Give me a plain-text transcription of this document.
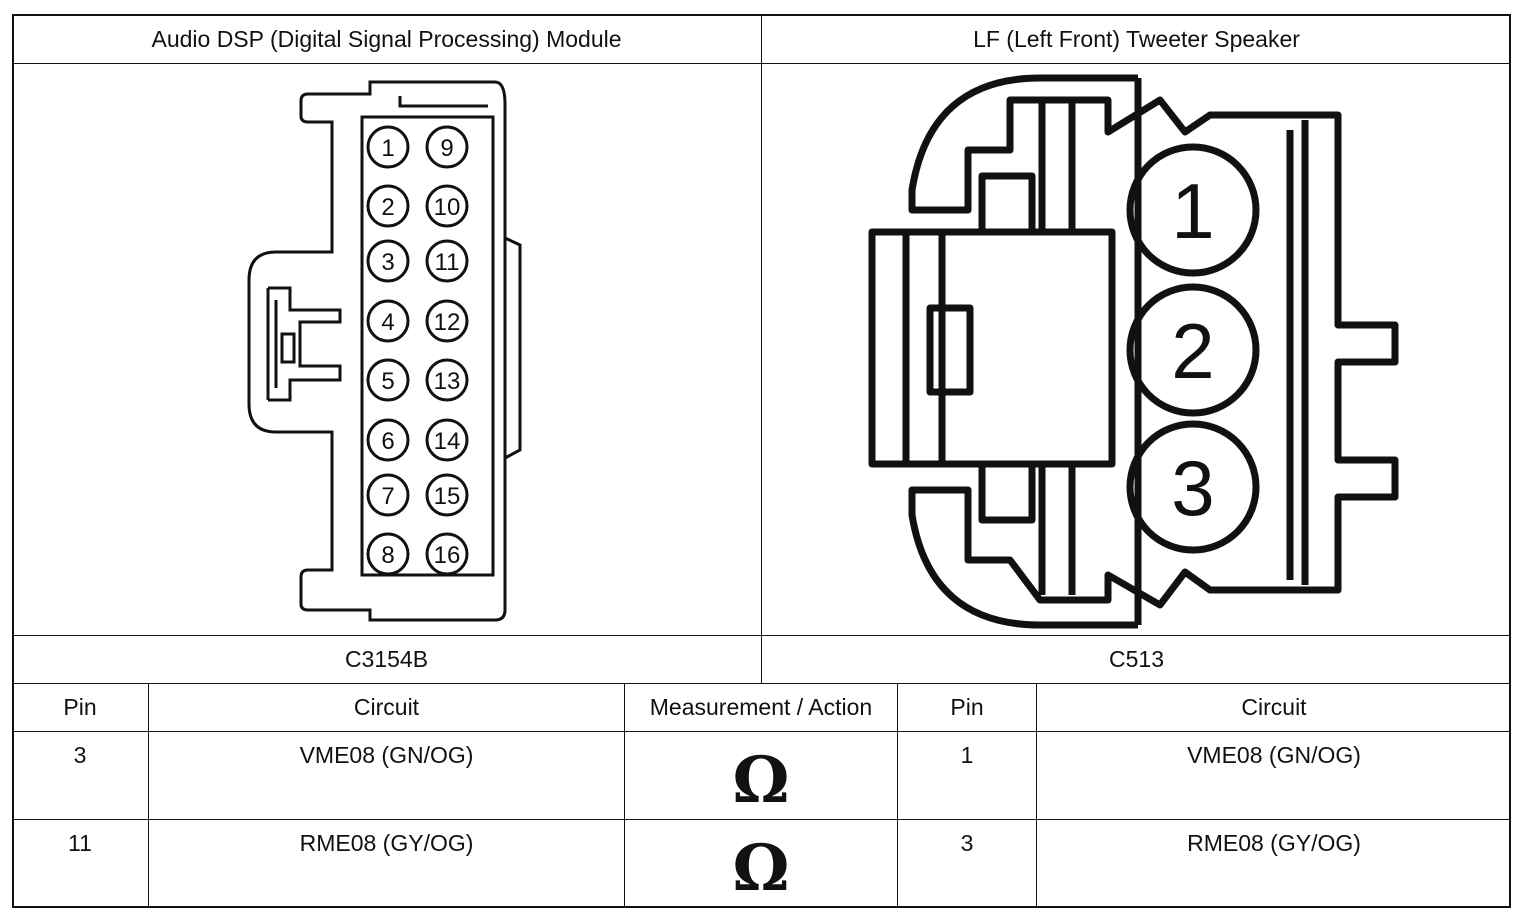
Audio DSP (Digital Signal Processing) Module	LF (Left Front) Tweeter Speaker
1
2
3
4
5
6
7
8
9
10
11
12
13
14
15
16
1
2
3
C3154B	C513
Pin	Circuit	Measurement / Action	Pin	Circuit
3	VME08 (GN/OG)	Ω	1	VME08 (GN/OG)
11	RME08 (GY/OG)	Ω	3	RME08 (GY/OG)
